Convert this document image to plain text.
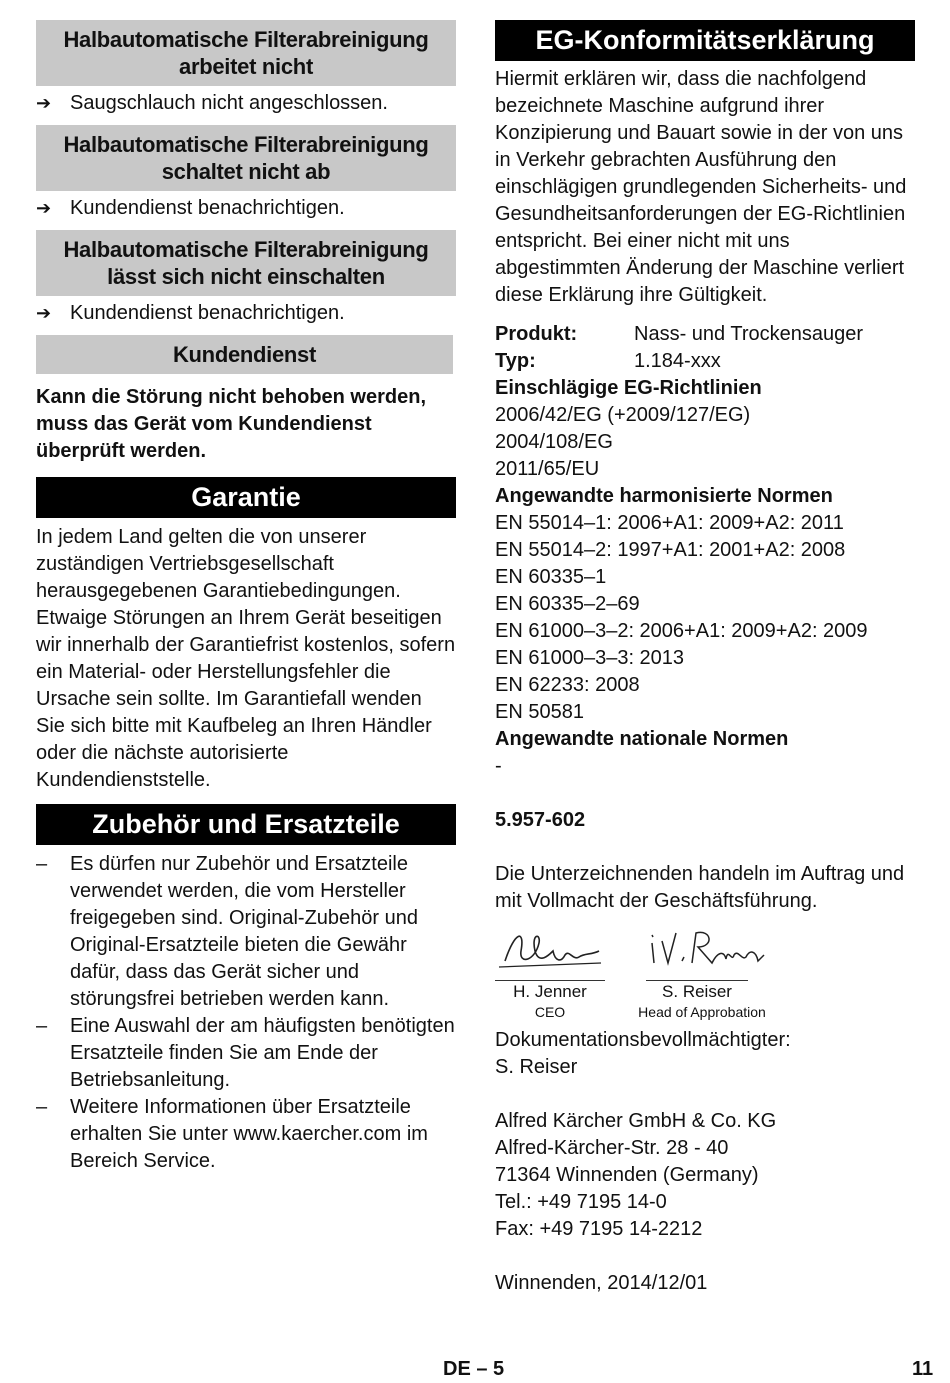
Halbautomatische Filterabreinigung arbeitet nicht
➔ Saugschlauch nicht angeschlossen.
Halbautomatische Filterabreinigung schaltet nicht ab
➔ Kundendienst benachrichtigen.
Halbautomatische Filterabreinigung lässt sich nicht einschalten
➔ Kundendienst benachrichtigen.
Kundendienst

Kann die Störung nicht behoben werden, muss das Gerät vom Kundendienst überprüft werden.

Garantie

In jedem Land gelten die von unserer zuständigen Vertriebsgesellschaft herausgegebenen Garantiebedingungen. Etwaige Störungen an Ihrem Gerät beseitigen wir innerhalb der Garantiefrist kostenlos, sofern ein Material- oder Herstellungsfehler die Ursache sein sollte. Im Garantiefall wenden Sie sich bitte mit Kaufbeleg an Ihren Händler oder die nächste autorisierte Kundendienststelle.

Zubehör und Ersatzteile
–	Es dürfen nur Zubehör und Ersatzteile verwendet werden, die vom Hersteller freigegeben sind. Original-Zubehör und Original-Ersatzteile bieten die Gewähr dafür, dass das Gerät sicher und störungsfrei betrieben werden kann.
–	Eine Auswahl der am häufigsten benötigten Ersatzteile finden Sie am Ende der Betriebsanleitung.
–	Weitere Informationen über Ersatzteile erhalten Sie unter www.kaercher.com im Bereich Service.
EG-Konformitätserklärung

Hiermit erklären wir, dass die nachfolgend bezeichnete Maschine aufgrund ihrer Konzipierung und Bauart sowie in der von uns in Verkehr gebrachten Ausführung den einschlägigen grundlegenden Sicherheits- und Gesundheitsanforderungen der EG-Richtlinien entspricht. Bei einer nicht mit uns abgestimmten Änderung der Maschine verliert diese Erklärung ihre Gültigkeit.

Produkt:	Nass- und Trockensauger
Typ:	1.184-xxx
Einschlägige EG-Richtlinien
2006/42/EG (+2009/127/EG)
2004/108/EG
2011/65/EU
Angewandte harmonisierte Normen
EN 55014–1: 2006+A1: 2009+A2: 2011
EN 55014–2: 1997+A1: 2001+A2: 2008
EN 60335–1
EN 60335–2–69
EN 61000–3–2: 2006+A1: 2009+A2: 2009
EN 61000–3–3: 2013
EN 62233: 2008
EN 50581
Angewandte nationale Normen
-
5.957-602

Die Unterzeichnenden handeln im Auftrag und mit Vollmacht der Geschäftsführung.

H. Jenner
CEO
S. Reiser
Head of Approbation
Dokumentationsbevollmächtigter:
S. Reiser
Alfred Kärcher GmbH & Co. KG
Alfred-Kärcher-Str. 28 - 40
71364 Winnenden (Germany)
Tel.: +49 7195 14-0
Fax: +49 7195 14-2212
Winnenden, 2014/12/01
DE – 5	11
